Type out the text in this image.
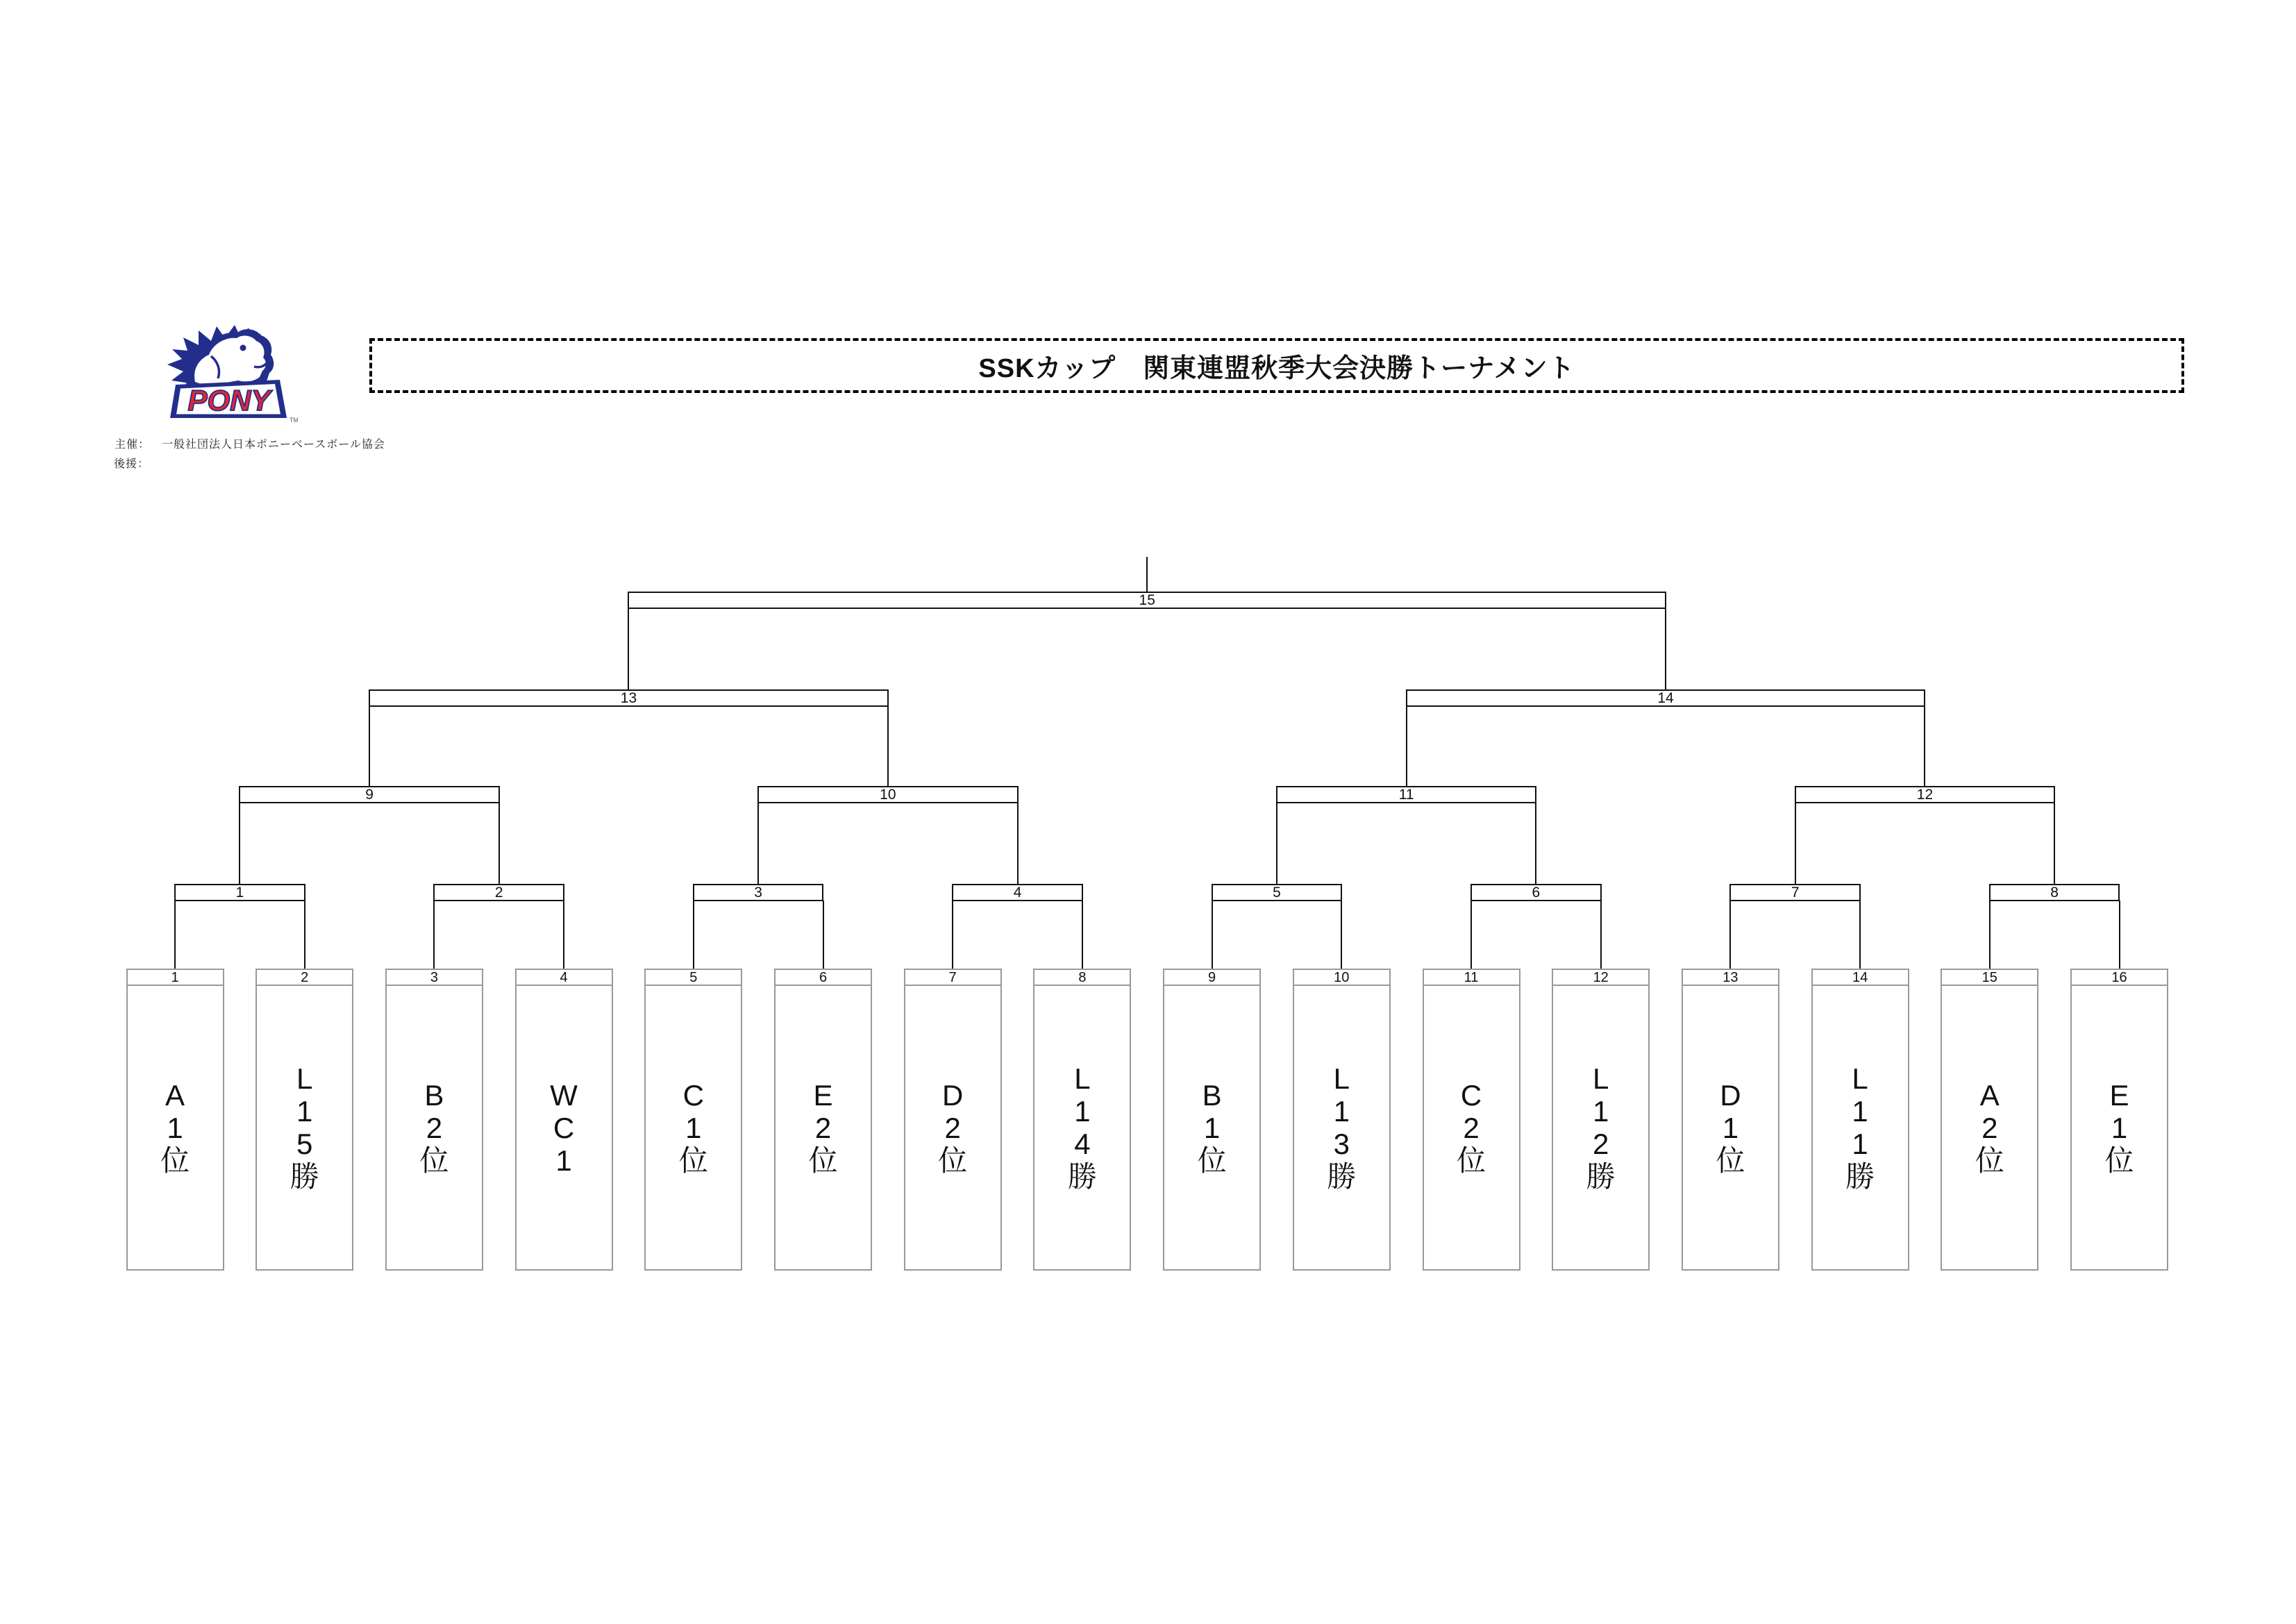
PONY
TM
主催： 一般社団法人日本ポニーベースボール協会
後援：
SSKカップ　関東連盟秋季大会決勝トーナメント
1	2	3	4	5	6	7	8
9	10	11	12
13	14
15
1
A
1
位
2
L
1
5
勝
3
B
2
位
4
W
C
1
5
C
1
位
6
E
2
位
7
D
2
位
8
L
1
4
勝
9
B
1
位
10
L
1
3
勝
11
C
2
位
12
L
1
2
勝
13
D
1
位
14
L
1
1
勝
15
A
2
位
16
E
1
位
